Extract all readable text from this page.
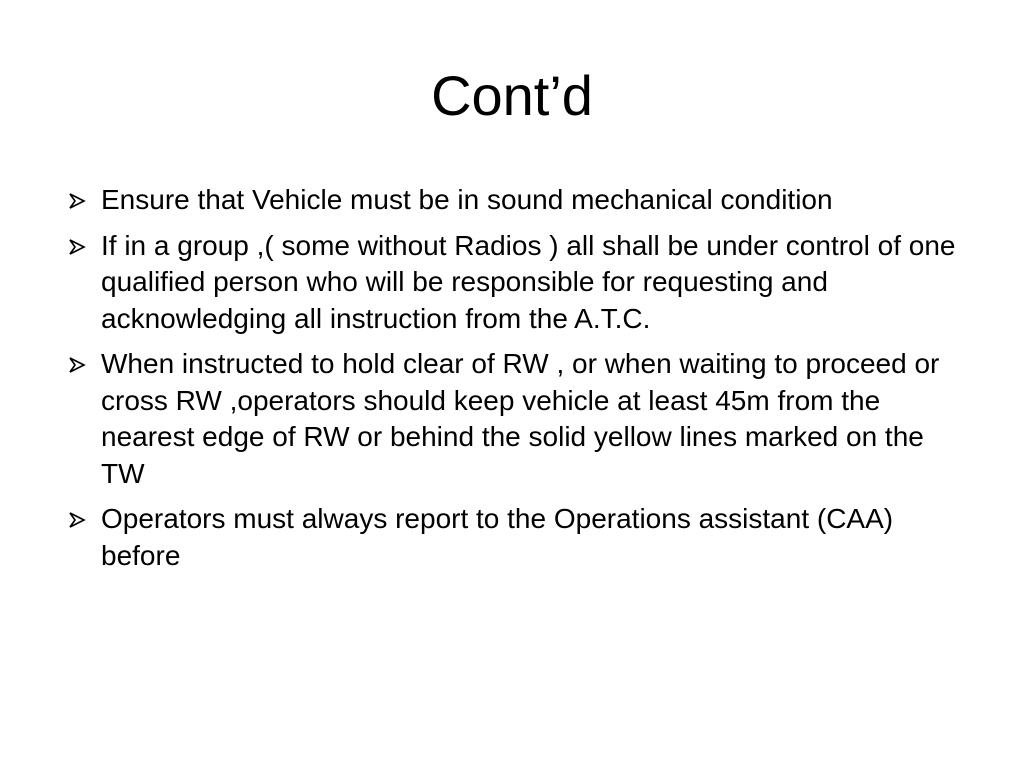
Cont’d
Ensure that Vehicle must be in sound mechanical condition
If in a group ,( some without Radios ) all shall be under control of one qualified person who will be responsible for requesting and acknowledging all instruction from the A.T.C.
When instructed to hold clear of RW , or when waiting to proceed or cross RW ,operators should keep vehicle at least 45m from the nearest edge of RW or behind the solid yellow lines marked on the TW
Operators must always report to the Operations assistant (CAA) before
